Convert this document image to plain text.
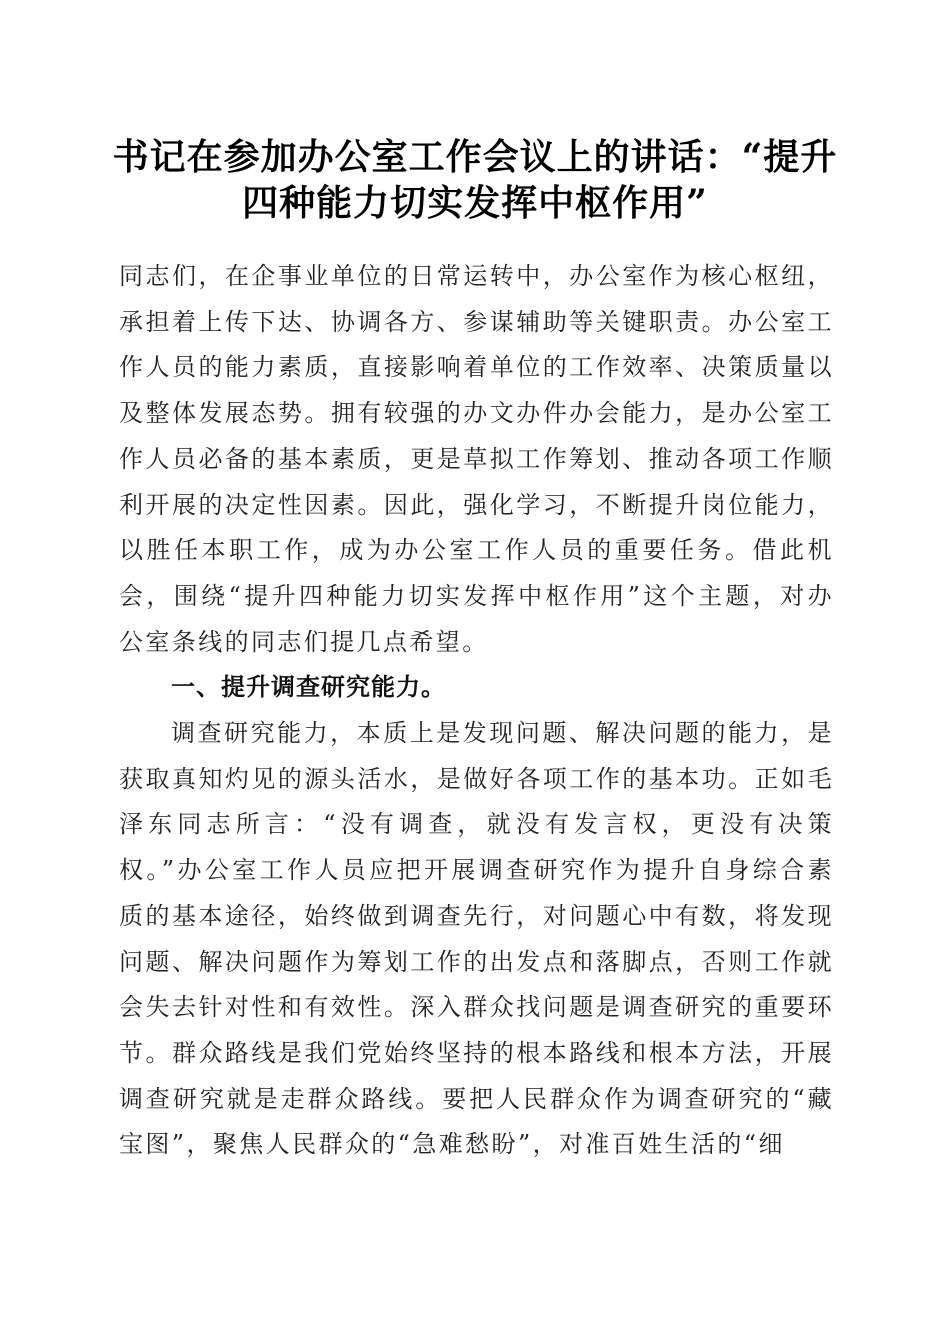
书记在参加办公室工作会议上的讲话：“提升四种能力切实发挥中枢作用”

同志们，在企事业单位的日常运转中，办公室作为核心枢纽，承担着上传下达、协调各方、参谋辅助等关键职责。办公室工作人员的能力素质，直接影响着单位的工作效率、决策质量以及整体发展态势。拥有较强的办文办件办会能力，是办公室工作人员必备的基本素质，更是草拟工作筹划、推动各项工作顺利开展的决定性因素。因此，强化学习，不断提升岗位能力，以胜任本职工作，成为办公室工作人员的重要任务。借此机会，围绕“提升四种能力切实发挥中枢作用”这个主题，对办公室条线的同志们提几点希望。

一、提升调查研究能力。

调查研究能力，本质上是发现问题、解决问题的能力，是获取真知灼见的源头活水，是做好各项工作的基本功。正如毛泽东同志所言：“没有调查，就没有发言权，更没有决策权。”办公室工作人员应把开展调查研究作为提升自身综合素质的基本途径，始终做到调查先行，对问题心中有数，将发现问题、解决问题作为筹划工作的出发点和落脚点，否则工作就会失去针对性和有效性。深入群众找问题是调查研究的重要环节。群众路线是我们党始终坚持的根本路线和根本方法，开展调查研究就是走群众路线。要把人民群众作为调查研究的“藏宝图”，聚焦人民群众的“急难愁盼”，对准百姓生活的“细
